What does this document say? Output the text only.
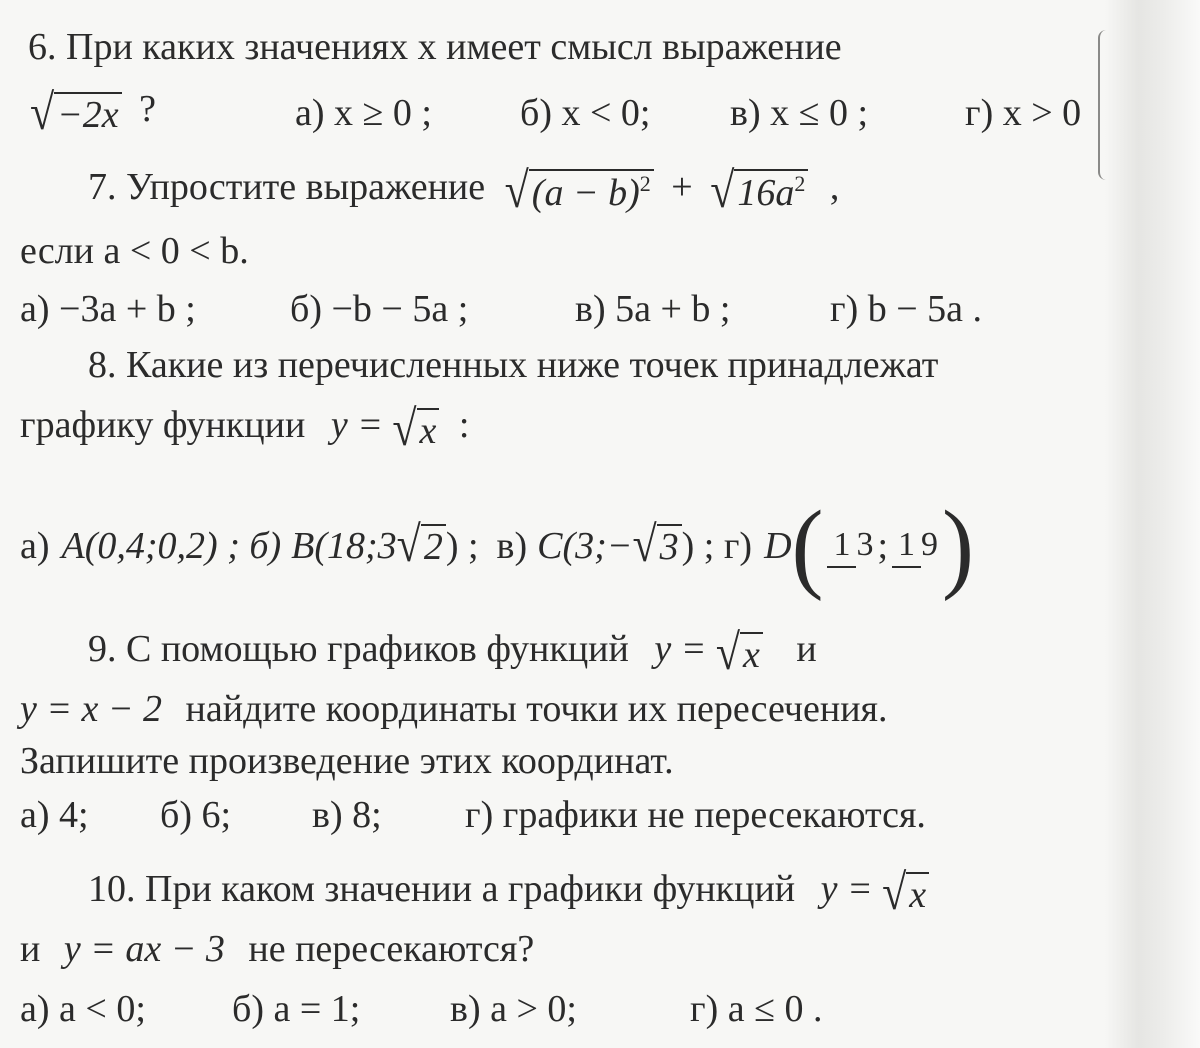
6. При каких значениях x имеет смысл выражение
√−2x ?	а) x ≥ 0 ; б) x < 0; в) x ≤ 0 ;	г) x > 0
7. Упростите выражение $√(a - b)^2 + √16a^2$ ,
если a < 0 < b.
а) −3a + b ; б) −b − 5a ;	в) 5a + b ;	г) b − 5a .
8. Какие из перечисленных ниже точек принадлежат
графику функции y = √x :
а) A(0,4;0,2) ; б) B(18;3 √2 ) ; в) C(3;− √3 ) ; г) D ( 1 3 ; 1 9 )
9. С помощью графиков функций y = √x и
y = x − 2 найдите координаты точки их пересечения.
Запишите произведение этих координат.
а) 4; б) 6; в) 8; г) графики не пересекаются.
10. При каком значении a графики функций y = √x
и y = ax − 3 не пересекаются?
а) a < 0; б) a = 1; в) a > 0;	г) a ≤ 0 .
